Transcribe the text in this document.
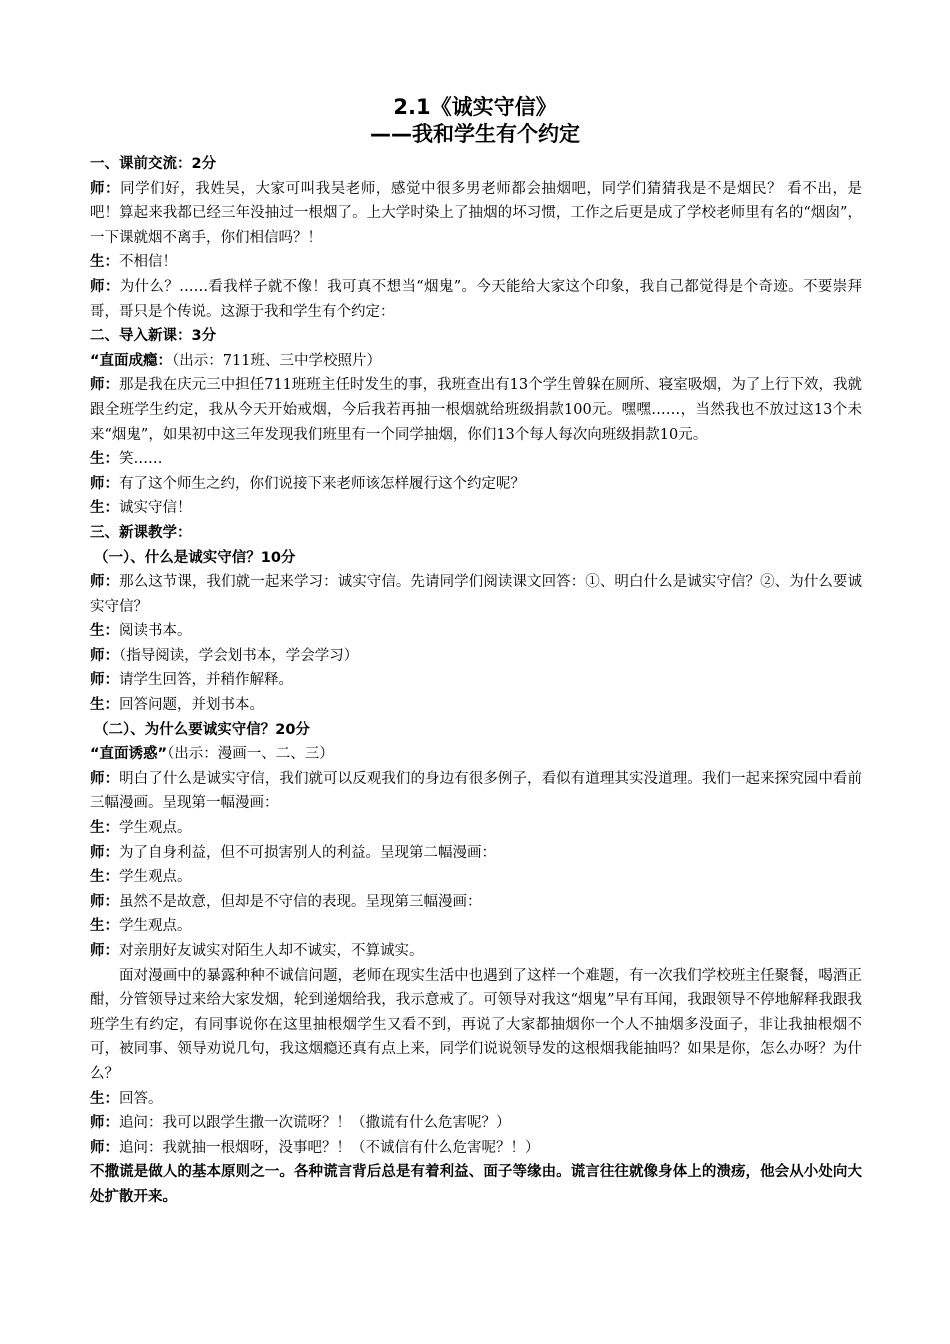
2.1《诚实守信》
——我和学生有个约定

一、课前交流：2分

师：同学们好，我姓吴，大家可叫我吴老师，感觉中很多男老师都会抽烟吧，同学们猜猜我是不是烟民？ 看不出，是吧！算起来我都已经三年没抽过一根烟了。上大学时染上了抽烟的坏习惯，工作之后更是成了学校老师里有名的“烟囱”，一下课就烟不离手，你们相信吗？！

生：不相信！

师：为什么？……看我样子就不像！我可真不想当“烟鬼”。今天能给大家这个印象，我自己都觉得是个奇迹。不要崇拜哥，哥只是个传说。这源于我和学生有个约定：

二、导入新课：3分

“直面成瘾：（出示：711班、三中学校照片）

师：那是我在庆元三中担任711班班主任时发生的事，我班查出有13个学生曾躲在厕所、寝室吸烟，为了上行下效，我就跟全班学生约定，我从今天开始戒烟，今后我若再抽一根烟就给班级捐款100元。嘿嘿……，当然我也不放过这13个未来“烟鬼”，如果初中这三年发现我们班里有一个同学抽烟，你们13个每人每次向班级捐款10元。

生：笑……

师：有了这个师生之约，你们说接下来老师该怎样履行这个约定呢？

生：诚实守信！

三、新课教学：

（一）、什么是诚实守信？10分

师：那么这节课，我们就一起来学习：诚实守信。先请同学们阅读课文回答：①、明白什么是诚实守信？②、为什么要诚实守信？

生：阅读书本。

师：（指导阅读，学会划书本，学会学习）

师：请学生回答，并稍作解释。

生：回答问题，并划书本。

（二）、为什么要诚实守信？20分

“直面诱惑”（出示：漫画一、二、三）

师：明白了什么是诚实守信，我们就可以反观我们的身边有很多例子，看似有道理其实没道理。我们一起来探究园中看前三幅漫画。呈现第一幅漫画：

生：学生观点。

师：为了自身利益，但不可损害别人的利益。呈现第二幅漫画：

生：学生观点。

师：虽然不是故意，但却是不守信的表现。呈现第三幅漫画：

生：学生观点。

师：对亲朋好友诚实对陌生人却不诚实，不算诚实。

面对漫画中的暴露种种不诚信问题，老师在现实生活中也遇到了这样一个难题，有一次我们学校班主任聚餐，喝酒正酣，分管领导过来给大家发烟，轮到递烟给我，我示意戒了。可领导对我这“烟鬼”早有耳闻，我跟领导不停地解释我跟我班学生有约定，有同事说你在这里抽根烟学生又看不到，再说了大家都抽烟你一个人不抽烟多没面子，非让我抽根烟不可，被同事、领导劝说几句，我这烟瘾还真有点上来，同学们说说领导发的这根烟我能抽吗？如果是你，怎么办呀？为什么？

生：回答。

师：追问：我可以跟学生撒一次谎呀？！（撒谎有什么危害呢？）

师：追问：我就抽一根烟呀，没事吧？！（不诚信有什么危害呢？！）

不撒谎是做人的基本原则之一。各种谎言背后总是有着利益、面子等缘由。谎言往往就像身体上的溃疡，他会从小处向大处扩散开来。
